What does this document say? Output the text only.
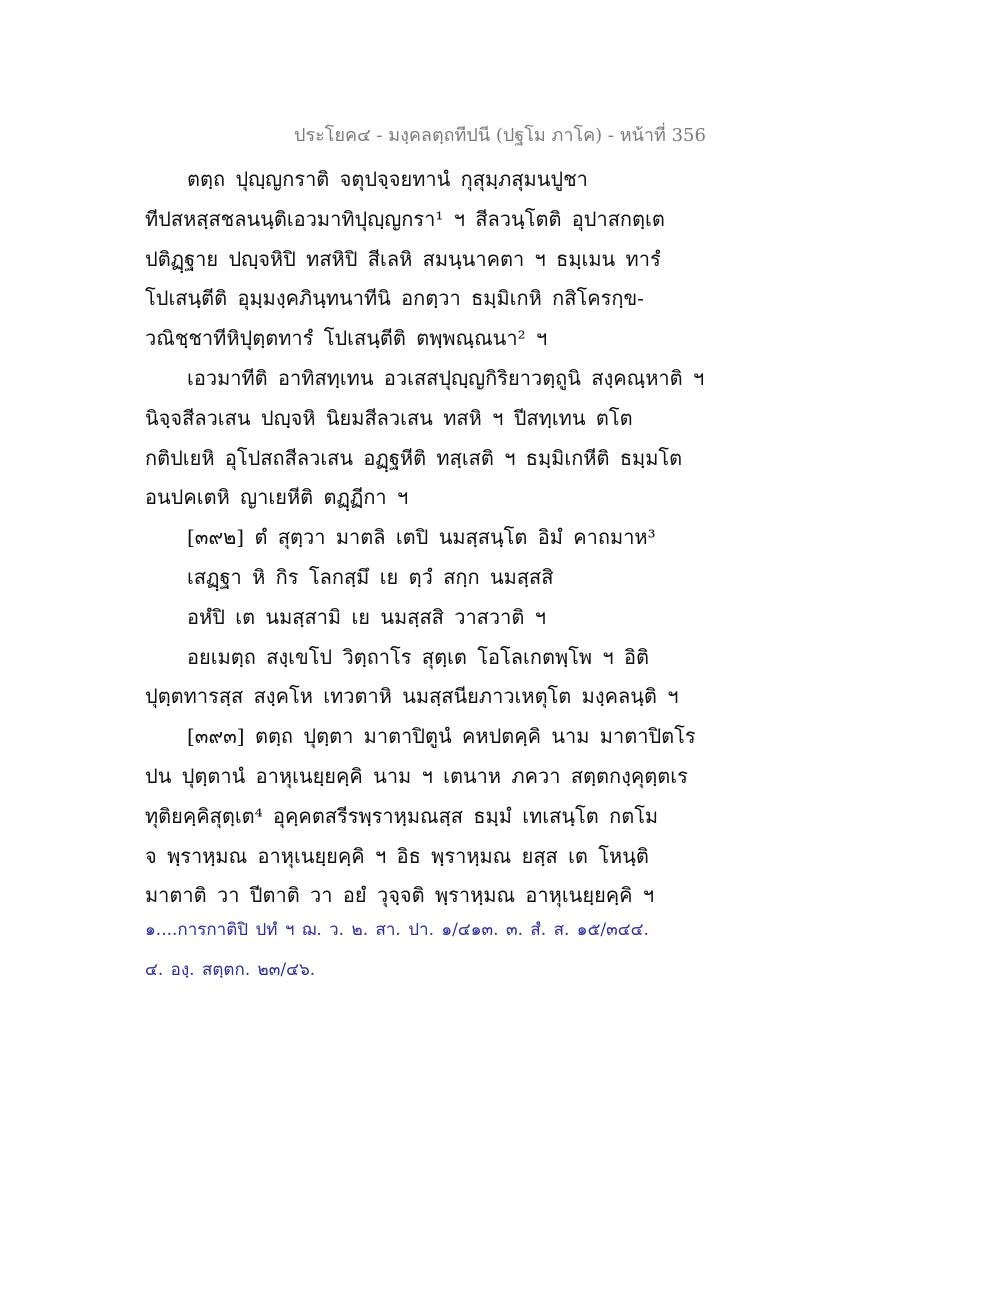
ประโยค๔ - มงฺคลตฺถทีปนี (ปฐโม ภาโค) - หน้าที่ 356
ตตฺถ ปุญฺญกราติ จตุปจฺจยทานํ กุสุมฺภสุมนปูชา
ทีปสหสฺสชลนนฺติเอวมาทิปุญฺญกรา¹ ฯ สีลวนฺโตติ อุปาสกตฺเต
ปติฏฺฐาย ปญฺจหิปิ ทสหิปิ สีเลหิ สมนฺนาคตา ฯ ธมฺเมน ทารํ
โปเสนฺตีติ อุมฺมงฺคภินฺทนาทีนิ อกตฺวา ธมฺมิเกหิ กสิโครกฺข-
วณิชฺชาทีหิปุตฺตทารํ โปเสนฺตีติ ตพฺพณฺณนา² ฯ
เอวมาทีติ อาทิสทฺเทน อวเสสปุญฺญกิริยาวตฺถูนิ สงฺคณฺหาติ ฯ
นิจฺจสีลวเสน ปญฺจหิ นิยมสีลวเสน ทสหิ ฯ ปีสทฺเทน ตโต
กติปเยหิ อุโปสถสีลวเสน อฏฺฐหีติ ทสฺเสติ ฯ ธมฺมิเกหีติ ธมฺมโต
อนปคเตหิ ญาเยหีติ ตฏฺฏีกา ฯ
[๓๙๒] ตํ สุตฺวา มาตลิ เตปิ นมสฺสนฺโต อิมํ คาถมาห³
เสฏฺฐา หิ กิร โลกสฺมึ เย ตฺวํ สกฺก นมสฺสสิ
อหํปิ เต นมสฺสามิ เย นมสฺสสิ วาสวาติ ฯ
อยเมตฺถ สงฺเขโป วิตฺถาโร สุตฺเต โอโลเกตพฺโพ ฯ อิติ
ปุตฺตทารสฺส สงฺคโห เทวตาหิ นมสฺสนียภาวเหตุโต มงฺคลนฺติ ฯ
[๓๙๓] ตตฺถ ปุตฺตา มาตาปิตูนํ คหปตคฺคิ นาม มาตาปิตโร
ปน ปุตฺตานํ อาหุเนยฺยคฺคิ นาม ฯ เตนาห ภควา สตฺตกงฺคุตฺตเร
ทุติยคฺคิสุตฺเต⁴ อุคฺคตสรีรพฺราหฺมณสฺส ธมฺมํ เทเสนฺโต กตโม
จ พฺราหฺมณ อาหุเนยฺยคฺคิ ฯ อิธ พฺราหฺมณ ยสฺส เต โหนฺติ
มาตาติ วา ปีตาติ วา อยํ วุจฺจติ พฺราหฺมณ อาหุเนยฺยคฺคิ ฯ
๑....การกาติปิ ปทํ ฯ ฌ. ว. ๒. สา. ปา. ๑/๔๑๓. ๓. สํ. ส. ๑๕/๓๔๔.
๔. องฺ. สตฺตก. ๒๓/๔๖.
